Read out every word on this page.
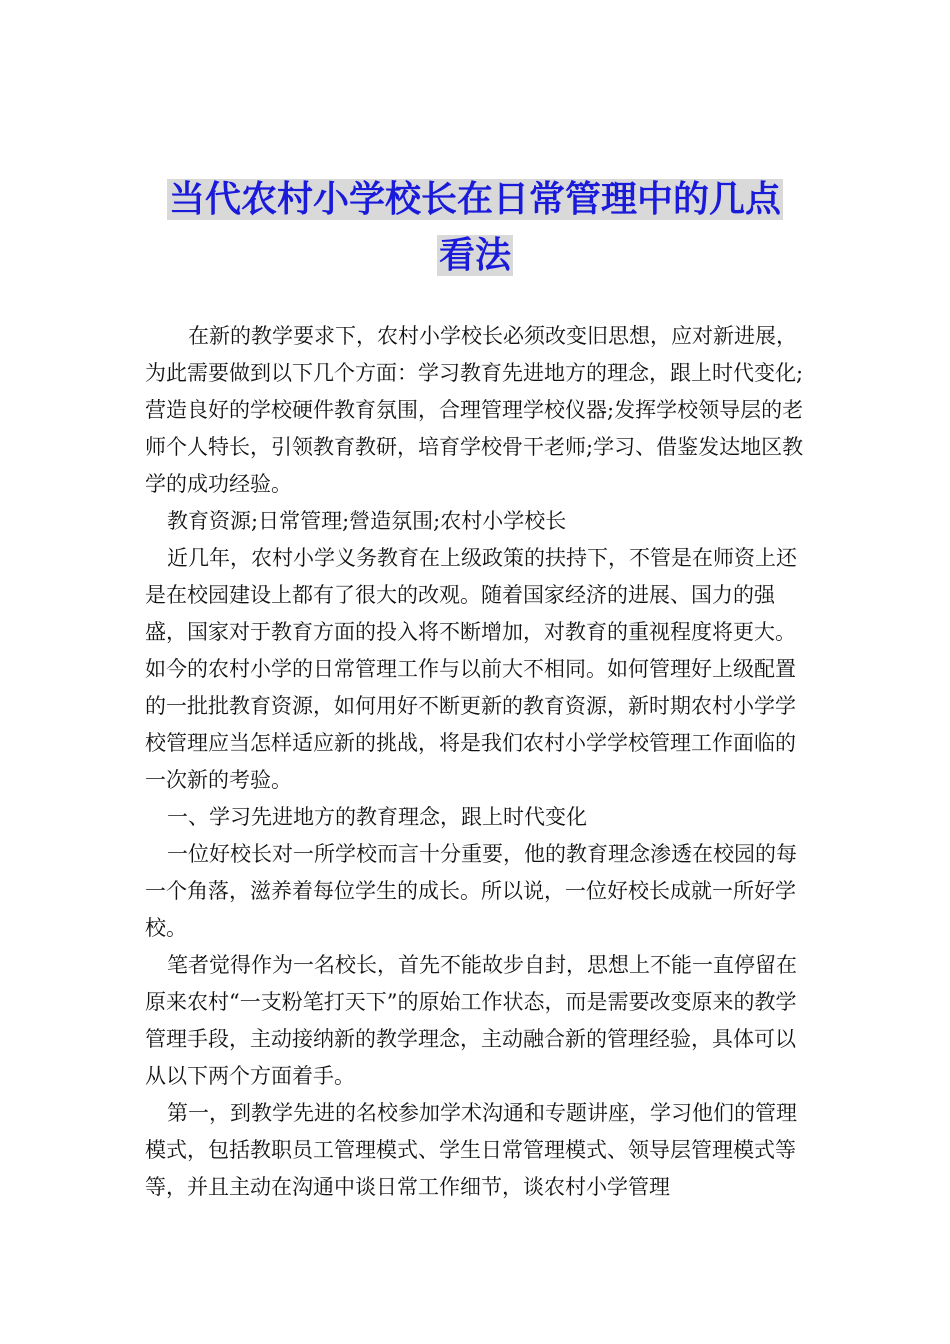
当代农村小学校长在日常管理中的几点
看法

在新的教学要求下，农村小学校长必须改变旧思想，应对新进展，为此需要做到以下几个方面：学习教育先进地方的理念，跟上时代变化;营造良好的学校硬件教育氛围，合理管理学校仪器;发挥学校领导层的老师个人特长，引领教育教研，培育学校骨干老师;学习、借鉴发达地区教学的成功经验。

教育资源;日常管理;營造氛围;农村小学校长

近几年，农村小学义务教育在上级政策的扶持下，不管是在师资上还是在校园建设上都有了很大的改观。随着国家经济的进展、国力的强盛，国家对于教育方面的投入将不断增加，对教育的重视程度将更大。如今的农村小学的日常管理工作与以前大不相同。如何管理好上级配置的一批批教育资源，如何用好不断更新的教育资源，新时期农村小学学校管理应当怎样适应新的挑战，将是我们农村小学学校管理工作面临的一次新的考验。

一、学习先进地方的教育理念，跟上时代变化

一位好校长对一所学校而言十分重要，他的教育理念渗透在校园的每一个角落，滋养着每位学生的成长。所以说，一位好校长成就一所好学校。

笔者觉得作为一名校长，首先不能故步自封，思想上不能一直停留在原来农村“一支粉笔打天下”的原始工作状态，而是需要改变原来的教学管理手段，主动接纳新的教学理念，主动融合新的管理经验，具体可以从以下两个方面着手。

第一，到教学先进的名校参加学术沟通和专题讲座，学习他们的管理模式，包括教职员工管理模式、学生日常管理模式、领导层管理模式等等，并且主动在沟通中谈日常工作细节，谈农村小学管理
